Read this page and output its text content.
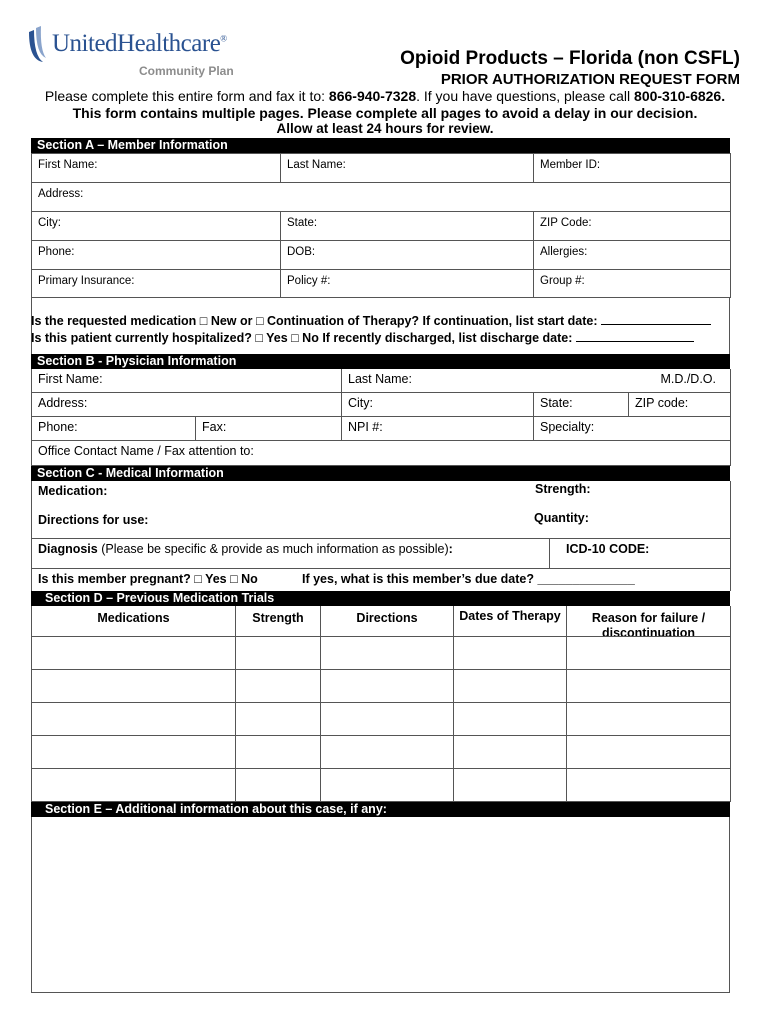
UnitedHealthcare®
Community Plan
Opioid Products – Florida (non CSFL)
PRIOR AUTHORIZATION REQUEST FORM
Please complete this entire form and fax it to: 866-940-7328. If you have questions, please call 800-310-6826.
This form contains multiple pages. Please complete all pages to avoid a delay in our decision.
Allow at least 24 hours for review.
Section A – Member Information
First Name:	Last Name:	Member ID:
Address:
City:	State:	ZIP Code:
Phone:	DOB:	Allergies:
Primary Insurance:	Policy #:	Group #:
Is the requested medication □ New or □ Continuation of Therapy? If continuation, list start date:
Is this patient currently hospitalized? □ Yes □ No If recently discharged, list discharge date:
Section B - Physician Information
First Name:	Last Name:	M.D./D.O.
Address:	City:	State:	ZIP code:
Phone:	Fax:	NPI #:	Specialty:
Office Contact Name / Fax attention to:
Section C - Medical Information
Medication:	Strength:
Directions for use:	Quantity:
Diagnosis (Please be specific & provide as much information as possible):	ICD-10 CODE:
Is this member pregnant? □ Yes □ No	If yes, what is this member’s due date? ______________
Section D – Previous Medication Trials
Medications	Strength	Directions	Dates of Therapy	Reason for failure / discontinuation
Section E – Additional information about this case, if any:
